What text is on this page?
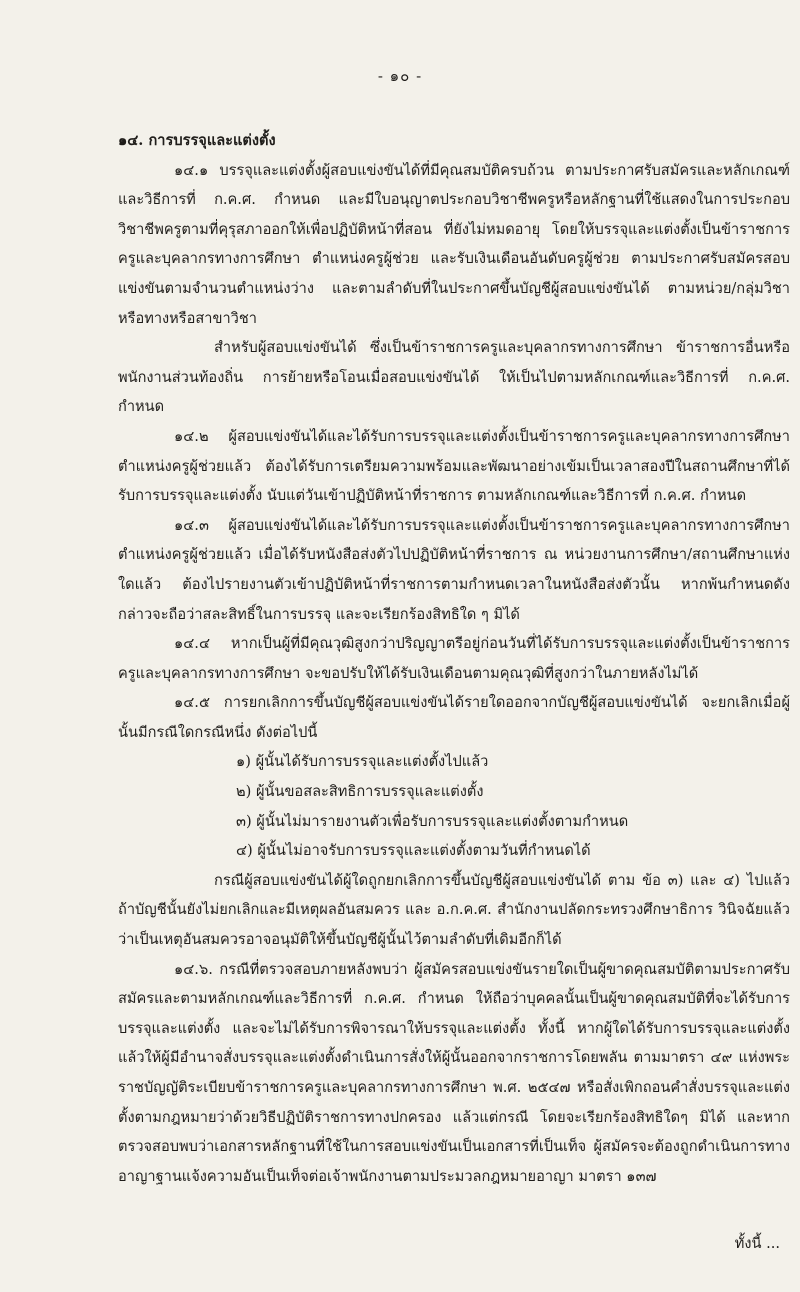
- ๑๐ -

๑๔. การบรรจุและแต่งตั้ง

๑๔.๑ บรรจุและแต่งตั้งผู้สอบแข่งขันได้ที่มีคุณสมบัติครบถ้วน ตามประกาศรับสมัครและหลักเกณฑ์และวิธีการที่ ก.ค.ศ. กำหนด และมีใบอนุญาตประกอบวิชาชีพครูหรือหลักฐานที่ใช้แสดงในการประกอบวิชาชีพครูตามที่คุรุสภาออกให้เพื่อปฏิบัติหน้าที่สอน ที่ยังไม่หมดอายุ โดยให้บรรจุและแต่งตั้งเป็นข้าราชการครูและบุคลากรทางการศึกษา ตำแหน่งครูผู้ช่วย และรับเงินเดือนอันดับครูผู้ช่วย ตามประกาศรับสมัครสอบแข่งขันตามจำนวนตำแหน่งว่าง และตามลำดับที่ในประกาศขึ้นบัญชีผู้สอบแข่งขันได้ ตามหน่วย/กลุ่มวิชา หรือทางหรือสาขาวิชา

สำหรับผู้สอบแข่งขันได้ ซึ่งเป็นข้าราชการครูและบุคลากรทางการศึกษา ข้าราชการอื่นหรือพนักงานส่วนท้องถิ่น การย้ายหรือโอนเมื่อสอบแข่งขันได้ ให้เป็นไปตามหลักเกณฑ์และวิธีการที่ ก.ค.ศ. กำหนด

๑๔.๒ ผู้สอบแข่งขันได้และได้รับการบรรจุและแต่งตั้งเป็นข้าราชการครูและบุคลากรทางการศึกษาตำแหน่งครูผู้ช่วยแล้ว ต้องได้รับการเตรียมความพร้อมและพัฒนาอย่างเข้มเป็นเวลาสองปีในสถานศึกษาที่ได้รับการบรรจุและแต่งตั้ง นับแต่วันเข้าปฏิบัติหน้าที่ราชการ ตามหลักเกณฑ์และวิธีการที่ ก.ค.ศ. กำหนด

๑๔.๓ ผู้สอบแข่งขันได้และได้รับการบรรจุและแต่งตั้งเป็นข้าราชการครูและบุคลากรทางการศึกษาตำแหน่งครูผู้ช่วยแล้ว เมื่อได้รับหนังสือส่งตัวไปปฏิบัติหน้าที่ราชการ ณ หน่วยงานการศึกษา/สถานศึกษาแห่งใดแล้ว ต้องไปรายงานตัวเข้าปฏิบัติหน้าที่ราชการตามกำหนดเวลาในหนังสือส่งตัวนั้น หากพ้นกำหนดดังกล่าวจะถือว่าสละสิทธิ์ในการบรรจุ และจะเรียกร้องสิทธิใด ๆ มิได้

๑๔.๔ หากเป็นผู้ที่มีคุณวุฒิสูงกว่าปริญญาตรีอยู่ก่อนวันที่ได้รับการบรรจุและแต่งตั้งเป็นข้าราชการครูและบุคลากรทางการศึกษา จะขอปรับให้ได้รับเงินเดือนตามคุณวุฒิที่สูงกว่าในภายหลังไม่ได้

๑๔.๕ การยกเลิกการขึ้นบัญชีผู้สอบแข่งขันได้รายใดออกจากบัญชีผู้สอบแข่งขันได้ จะยกเลิกเมื่อผู้นั้นมีกรณีใดกรณีหนึ่ง ดังต่อไปนี้

๑) ผู้นั้นได้รับการบรรจุและแต่งตั้งไปแล้ว
๒) ผู้นั้นขอสละสิทธิการบรรจุและแต่งตั้ง
๓) ผู้นั้นไม่มารายงานตัวเพื่อรับการบรรจุและแต่งตั้งตามกำหนด
๔) ผู้นั้นไม่อาจรับการบรรจุและแต่งตั้งตามวันที่กำหนดได้

กรณีผู้สอบแข่งขันได้ผู้ใดถูกยกเลิกการขึ้นบัญชีผู้สอบแข่งขันได้ ตาม ข้อ ๓) และ ๔) ไปแล้วถ้าบัญชีนั้นยังไม่ยกเลิกและมีเหตุผลอันสมควร และ อ.ก.ค.ศ. สำนักงานปลัดกระทรวงศึกษาธิการ วินิจฉัยแล้วว่าเป็นเหตุอันสมควรอาจอนุมัติให้ขึ้นบัญชีผู้นั้นไว้ตามลำดับที่เดิมอีกก็ได้

๑๔.๖. กรณีที่ตรวจสอบภายหลังพบว่า ผู้สมัครสอบแข่งขันรายใดเป็นผู้ขาดคุณสมบัติตามประกาศรับสมัครและตามหลักเกณฑ์และวิธีการที่ ก.ค.ศ. กำหนด ให้ถือว่าบุคคลนั้นเป็นผู้ขาดคุณสมบัติที่จะได้รับการบรรจุและแต่งตั้ง และจะไม่ได้รับการพิจารณาให้บรรจุและแต่งตั้ง ทั้งนี้ หากผู้ใดได้รับการบรรจุและแต่งตั้งแล้วให้ผู้มีอำนาจสั่งบรรจุและแต่งตั้งดำเนินการสั่งให้ผู้นั้นออกจากราชการโดยพลัน ตามมาตรา ๔๙ แห่งพระราชบัญญัติระเบียบข้าราชการครูและบุคลากรทางการศึกษา พ.ศ. ๒๕๔๗ หรือสั่งเพิกถอนคำสั่งบรรจุและแต่งตั้งตามกฎหมายว่าด้วยวิธีปฏิบัติราชการทางปกครอง แล้วแต่กรณี โดยจะเรียกร้องสิทธิใดๆ มิได้ และหากตรวจสอบพบว่าเอกสารหลักฐานที่ใช้ในการสอบแข่งขันเป็นเอกสารที่เป็นเท็จ ผู้สมัครจะต้องถูกดำเนินการทางอาญาฐานแจ้งความอันเป็นเท็จต่อเจ้าพนักงานตามประมวลกฎหมายอาญา มาตรา ๑๓๗

ทั้งนี้ ...
